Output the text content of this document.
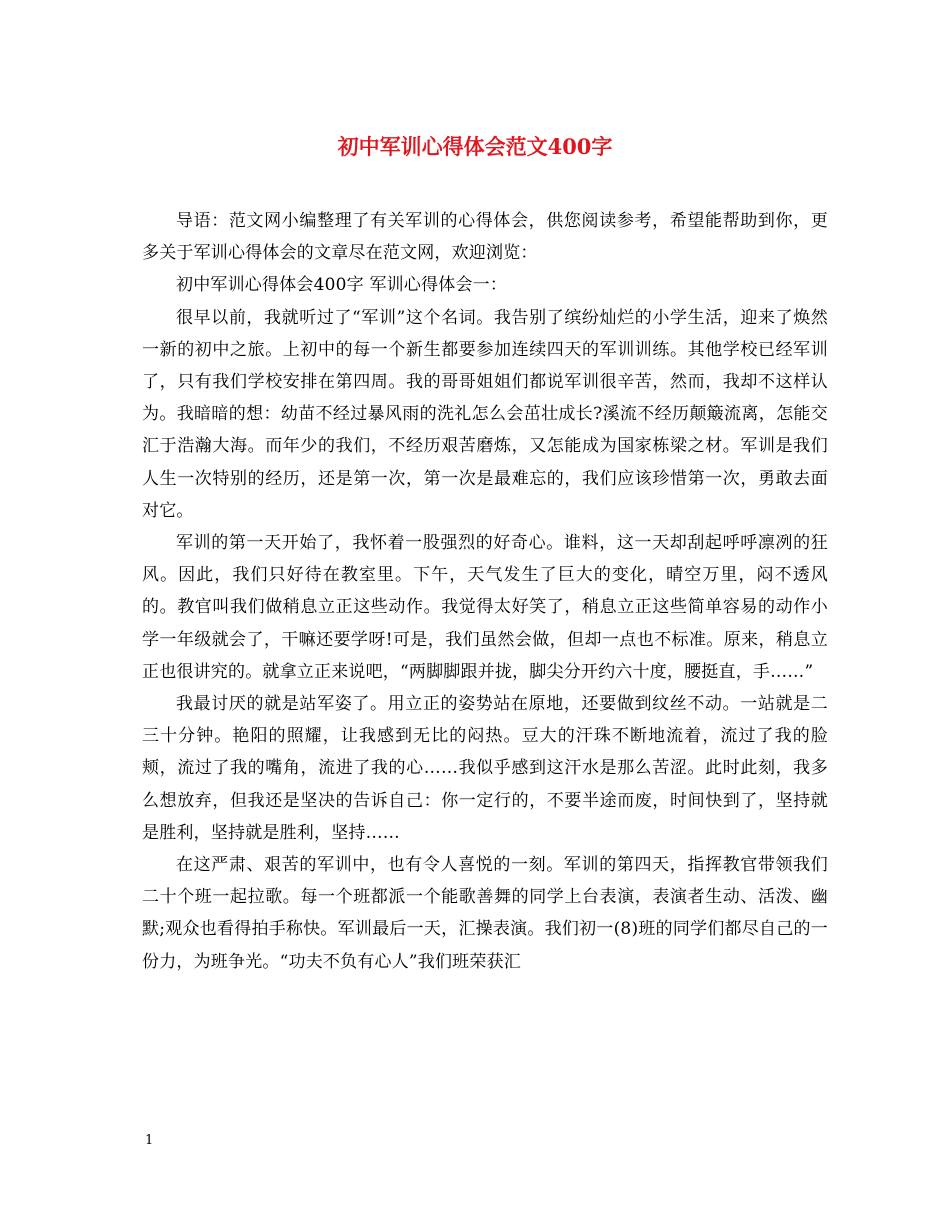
初中军训心得体会范文400字

导语：范文网小编整理了有关军训的心得体会，供您阅读参考，希望能帮助到你，更多关于军训心得体会的文章尽在范文网，欢迎浏览：

初中军训心得体会400字 军训心得体会一：

很早以前，我就听过了“军训”这个名词。我告别了缤纷灿烂的小学生活，迎来了焕然一新的初中之旅。上初中的每一个新生都要参加连续四天的军训训练。其他学校已经军训了，只有我们学校安排在第四周。我的哥哥姐姐们都说军训很辛苦，然而，我却不这样认为。我暗暗的想：幼苗不经过暴风雨的洗礼怎么会茁壮成长?溪流不经历颠簸流离，怎能交汇于浩瀚大海。而年少的我们，不经历艰苦磨炼，又怎能成为国家栋梁之材。军训是我们人生一次特别的经历，还是第一次，第一次是最难忘的，我们应该珍惜第一次，勇敢去面对它。

军训的第一天开始了，我怀着一股强烈的好奇心。谁料，这一天却刮起呼呼凛冽的狂风。因此，我们只好待在教室里。下午，天气发生了巨大的变化，晴空万里，闷不透风的。教官叫我们做稍息立正这些动作。我觉得太好笑了，稍息立正这些简单容易的动作小学一年级就会了，干嘛还要学呀!可是，我们虽然会做，但却一点也不标准。原来，稍息立正也很讲究的。就拿立正来说吧，“两脚脚跟并拢，脚尖分开约六十度，腰挺直，手……”

我最讨厌的就是站军姿了。用立正的姿势站在原地，还要做到纹丝不动。一站就是二三十分钟。艳阳的照耀，让我感到无比的闷热。豆大的汗珠不断地流着，流过了我的脸颊，流过了我的嘴角，流进了我的心……我似乎感到这汗水是那么苦涩。此时此刻，我多么想放弃，但我还是坚决的告诉自己：你一定行的，不要半途而废，时间快到了，坚持就是胜利，坚持就是胜利，坚持……

在这严肃、艰苦的军训中，也有令人喜悦的一刻。军训的第四天，指挥教官带领我们二十个班一起拉歌。每一个班都派一个能歌善舞的同学上台表演，表演者生动、活泼、幽默;观众也看得拍手称快。军训最后一天，汇操表演。我们初一(8)班的同学们都尽自己的一份力，为班争光。“功夫不负有心人”我们班荣获汇

1
